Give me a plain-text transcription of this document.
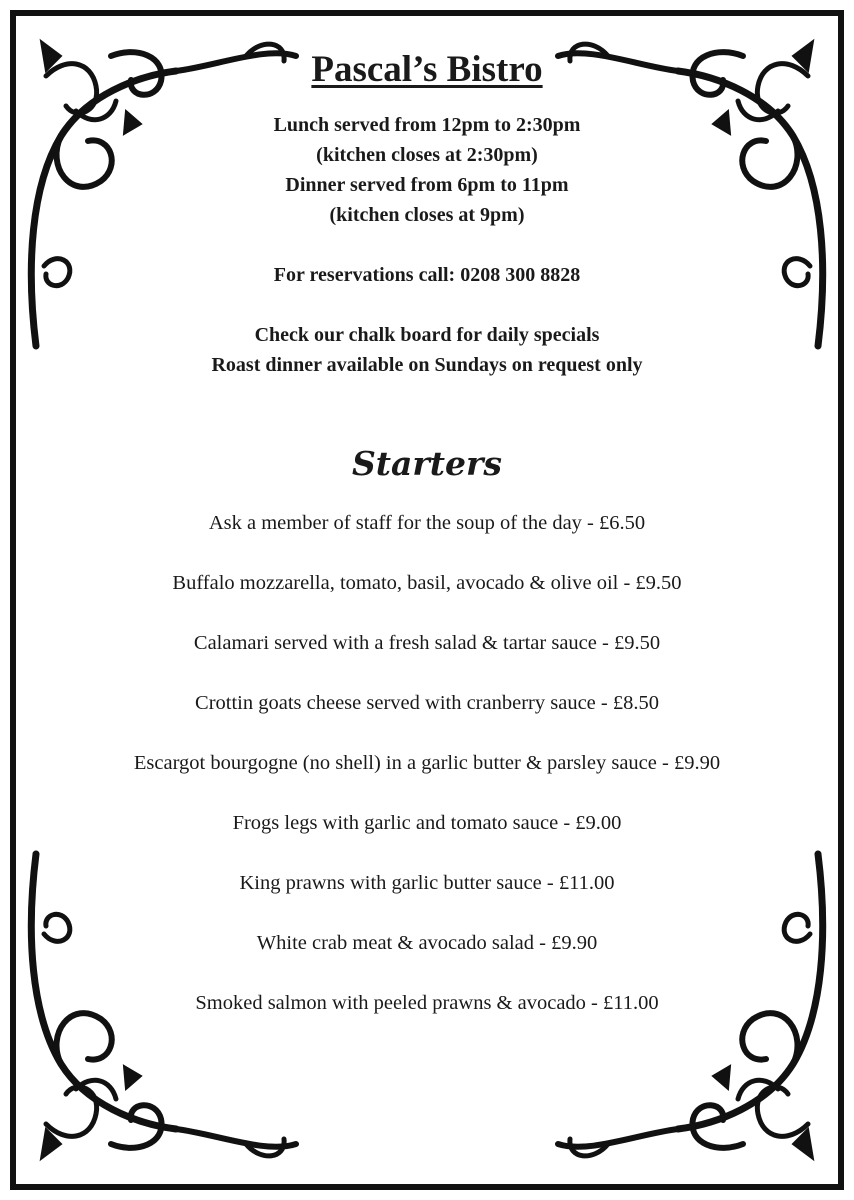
Pascal’s Bistro
Lunch served from 12pm to 2:30pm
(kitchen closes at 2:30pm)
Dinner served from 6pm to 11pm
(kitchen closes at 9pm)
For reservations call: 0208 300 8828
Check our chalk board for daily specials
Roast dinner available on Sundays on request only
Starters
Ask a member of staff for the soup of the day - £6.50
Buffalo mozzarella, tomato, basil, avocado & olive oil - £9.50
Calamari served with a fresh salad & tartar sauce - £9.50
Crottin goats cheese served with cranberry sauce - £8.50
Escargot bourgogne (no shell) in a garlic butter & parsley sauce - £9.90
Frogs legs with garlic and tomato sauce - £9.00
King prawns with garlic butter sauce - £11.00
White crab meat & avocado salad - £9.90
Smoked salmon with peeled prawns & avocado - £11.00
